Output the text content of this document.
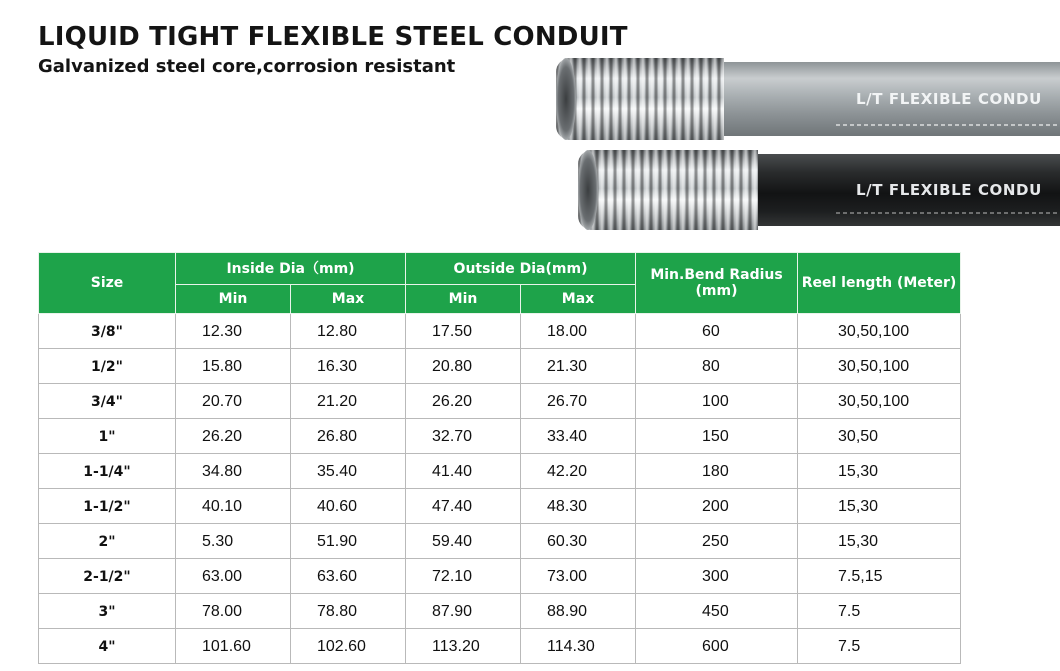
LIQUID TIGHT FLEXIBLE STEEL CONDUIT
Galvanized steel core,corrosion resistant
L/T FLEXIBLE CONDU
L/T FLEXIBLE CONDU
Size	Inside Dia（mm)		Outside Dia(mm)		Min.Bend Radius (mm)	Reel length (Meter)
	Min	Max	Min	Max		
3/8"	12.30	12.80	17.50	18.00	60	30,50,100
1/2"	15.80	16.30	20.80	21.30	80	30,50,100
3/4"	20.70	21.20	26.20	26.70	100	30,50,100
1"	26.20	26.80	32.70	33.40	150	30,50
1-1/4"	34.80	35.40	41.40	42.20	180	15,30
1-1/2"	40.10	40.60	47.40	48.30	200	15,30
2"	5.30	51.90	59.40	60.30	250	15,30
2-1/2"	63.00	63.60	72.10	73.00	300	7.5,15
3"	78.00	78.80	87.90	88.90	450	7.5
4"	101.60	102.60	113.20	114.30	600	7.5
